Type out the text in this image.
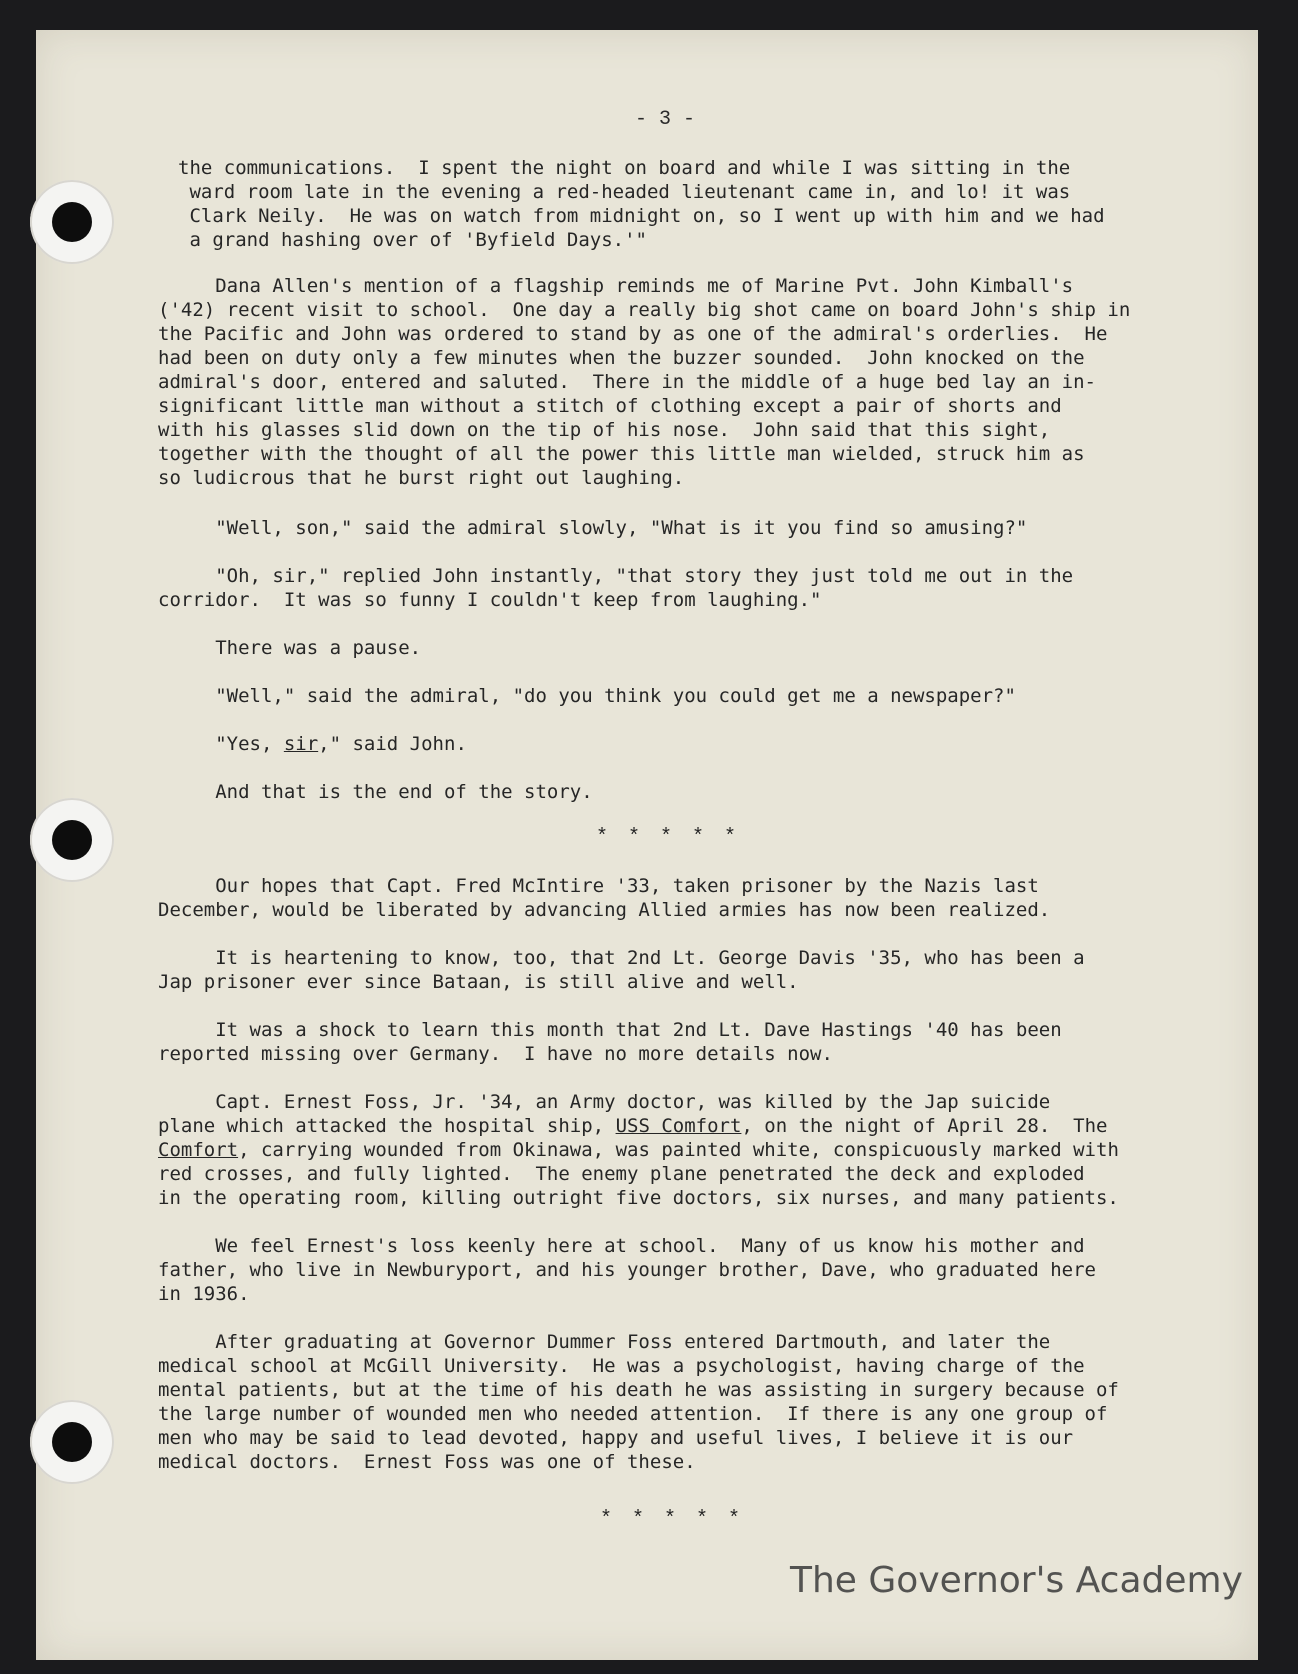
- 3 -
the communications.  I spent the night on board and while I was sitting in the
ward room late in the evening a red-headed lieutenant came in, and lo! it was
Clark Neily.  He was on watch from midnight on, so I went up with him and we had
a grand hashing over of 'Byfield Days.'"
Dana Allen's mention of a flagship reminds me of Marine Pvt. John Kimball's
('42) recent visit to school.  One day a really big shot came on board John's ship in
the Pacific and John was ordered to stand by as one of the admiral's orderlies.  He
had been on duty only a few minutes when the buzzer sounded.  John knocked on the
admiral's door, entered and saluted.  There in the middle of a huge bed lay an in-
significant little man without a stitch of clothing except a pair of shorts and
with his glasses slid down on the tip of his nose.  John said that this sight,
together with the thought of all the power this little man wielded, struck him as
so ludicrous that he burst right out laughing.
"Well, son," said the admiral slowly, "What is it you find so amusing?"
"Oh, sir," replied John instantly, "that story they just told me out in the
corridor.  It was so funny I couldn't keep from laughing."
There was a pause.
"Well," said the admiral, "do you think you could get me a newspaper?"
"Yes, sir," said John.
And that is the end of the story.
* * * * *
Our hopes that Capt. Fred McIntire '33, taken prisoner by the Nazis last
December, would be liberated by advancing Allied armies has now been realized.
It is heartening to know, too, that 2nd Lt. George Davis '35, who has been a
Jap prisoner ever since Bataan, is still alive and well.
It was a shock to learn this month that 2nd Lt. Dave Hastings '40 has been
reported missing over Germany.  I have no more details now.
Capt. Ernest Foss, Jr. '34, an Army doctor, was killed by the Jap suicide
plane which attacked the hospital ship, USS Comfort, on the night of April 28.  The
Comfort, carrying wounded from Okinawa, was painted white, conspicuously marked with
red crosses, and fully lighted.  The enemy plane penetrated the deck and exploded
in the operating room, killing outright five doctors, six nurses, and many patients.
We feel Ernest's loss keenly here at school.  Many of us know his mother and
father, who live in Newburyport, and his younger brother, Dave, who graduated here
in 1936.
After graduating at Governor Dummer Foss entered Dartmouth, and later the
medical school at McGill University.  He was a psychologist, having charge of the
mental patients, but at the time of his death he was assisting in surgery because of
the large number of wounded men who needed attention.  If there is any one group of
men who may be said to lead devoted, happy and useful lives, I believe it is our
medical doctors.  Ernest Foss was one of these.
* * * * *
The Governor's Academy
